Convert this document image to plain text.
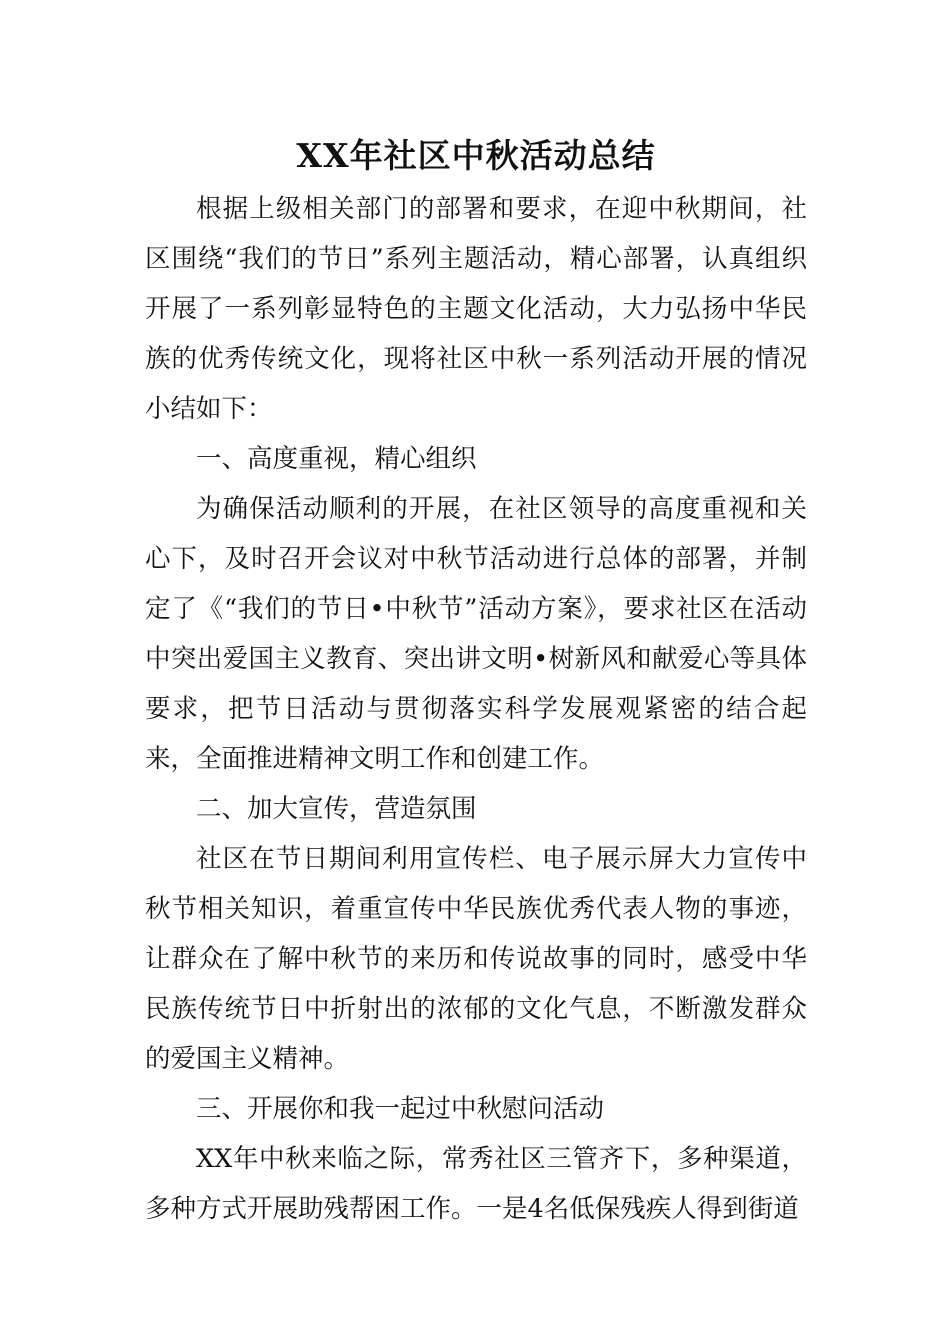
XX年社区中秋活动总结

根据上级相关部门的部署和要求，在迎中秋期间，社区围绕“我们的节日”系列主题活动，精心部署，认真组织开展了一系列彰显特色的主题文化活动，大力弘扬中华民族的优秀传统文化，现将社区中秋一系列活动开展的情况小结如下：

一、高度重视，精心组织

为确保活动顺利的开展，在社区领导的高度重视和关心下，及时召开会议对中秋节活动进行总体的部署，并制定了《“我们的节日•中秋节”活动方案》，要求社区在活动中突出爱国主义教育、突出讲文明•树新风和献爱心等具体要求，把节日活动与贯彻落实科学发展观紧密的结合起来，全面推进精神文明工作和创建工作。

二、加大宣传，营造氛围

社区在节日期间利用宣传栏、电子展示屏大力宣传中秋节相关知识，着重宣传中华民族优秀代表人物的事迹，让群众在了解中秋节的来历和传说故事的同时，感受中华民族传统节日中折射出的浓郁的文化气息，不断激发群众的爱国主义精神。

三、开展你和我一起过中秋慰问活动

XX年中秋来临之际，常秀社区三管齐下，多种渠道，多种方式开展助残帮困工作。一是4名低保残疾人得到街道
